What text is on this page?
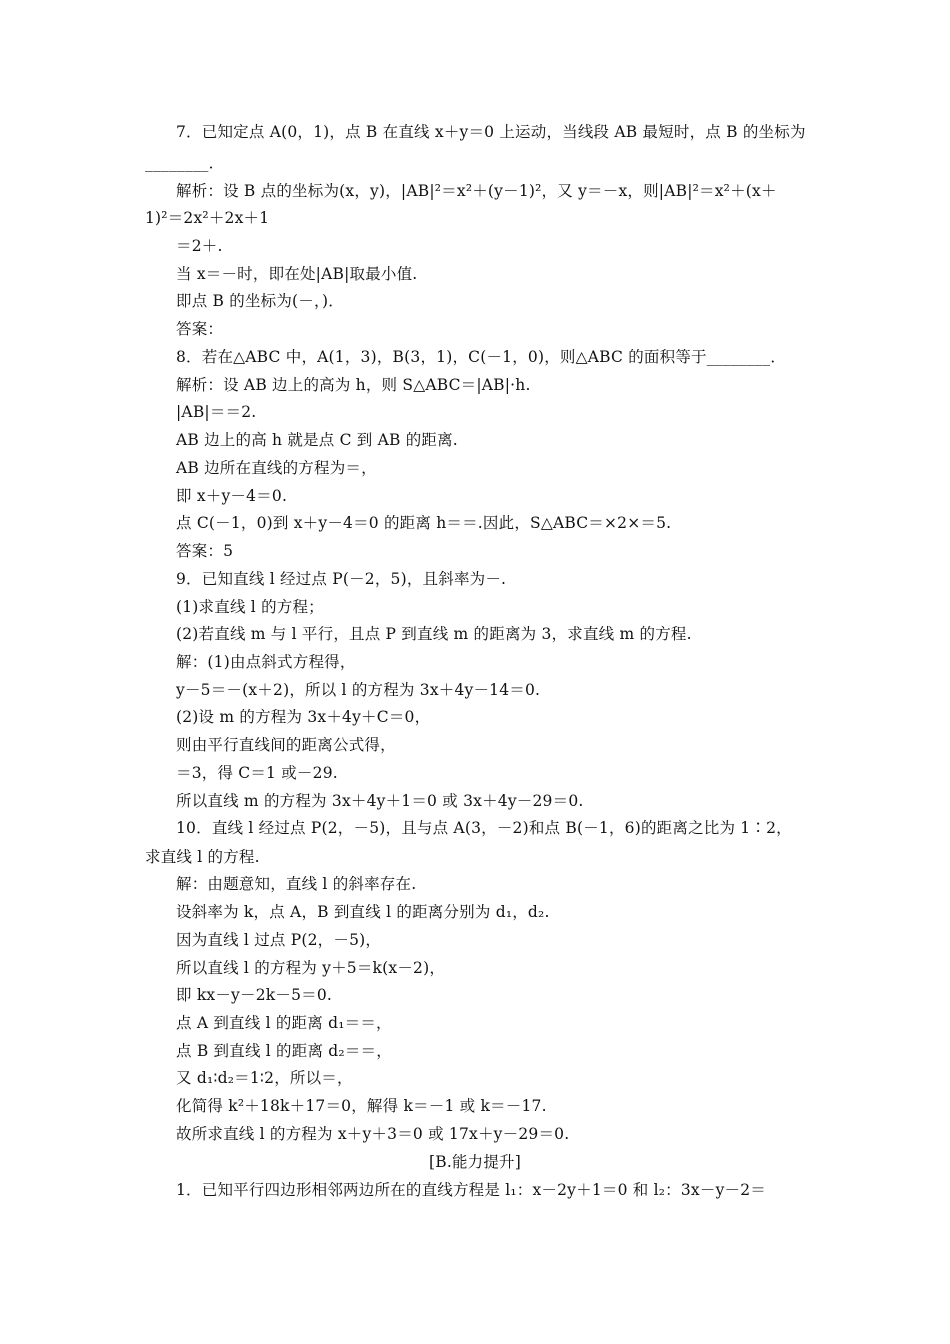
7．已知定点 A(0，1)，点 B 在直线 x＋y＝0 上运动，当线段 AB 最短时，点 B 的坐标为
________．
解析：设 B 点的坐标为(x，y)，|AB|²＝x²＋(y－1)²，又 y＝－x，则|AB|²＝x²＋(x＋
1)²＝2x²＋2x＋1
＝2＋.
当 x＝－时，即在处|AB|取最小值.
即点 B 的坐标为(－，)．
答案：
8．若在△ABC 中，A(1，3)，B(3，1)，C(－1，0)，则△ABC 的面积等于________．
解析：设 AB 边上的高为 h，则 S△ABC＝|AB|·h.
|AB|＝＝2.
AB 边上的高 h 就是点 C 到 AB 的距离.
AB 边所在直线的方程为＝，
即 x＋y－4＝0.
点 C(－1，0)到 x＋y－4＝0 的距离 h＝＝.因此，S△ABC＝×2×＝5.
答案：5
9．已知直线 l 经过点 P(－2，5)，且斜率为－.
(1)求直线 l 的方程；
(2)若直线 m 与 l 平行，且点 P 到直线 m 的距离为 3，求直线 m 的方程.
解：(1)由点斜式方程得，
y－5＝－(x＋2)，所以 l 的方程为 3x＋4y－14＝0.
(2)设 m 的方程为 3x＋4y＋C＝0，
则由平行直线间的距离公式得，
＝3，得 C＝1 或－29.
所以直线 m 的方程为 3x＋4y＋1＝0 或 3x＋4y－29＝0.
10．直线 l 经过点 P(2，－5)，且与点 A(3，－2)和点 B(－1，6)的距离之比为 1∶2，
求直线 l 的方程.
解：由题意知，直线 l 的斜率存在.
设斜率为 k，点 A，B 到直线 l 的距离分别为 d₁，d₂.
因为直线 l 过点 P(2，－5)，
所以直线 l 的方程为 y＋5＝k(x－2)，
即 kx－y－2k－5＝0.
点 A 到直线 l 的距离 d₁＝＝，
点 B 到直线 l 的距离 d₂＝＝，
又 d₁∶d₂＝1∶2，所以＝，
化简得 k²＋18k＋17＝0，解得 k＝－1 或 k＝－17.
故所求直线 l 的方程为 x＋y＋3＝0 或 17x＋y－29＝0.
[B.能力提升]
1．已知平行四边形相邻两边所在的直线方程是 l₁：x－2y＋1＝0 和 l₂：3x－y－2＝
